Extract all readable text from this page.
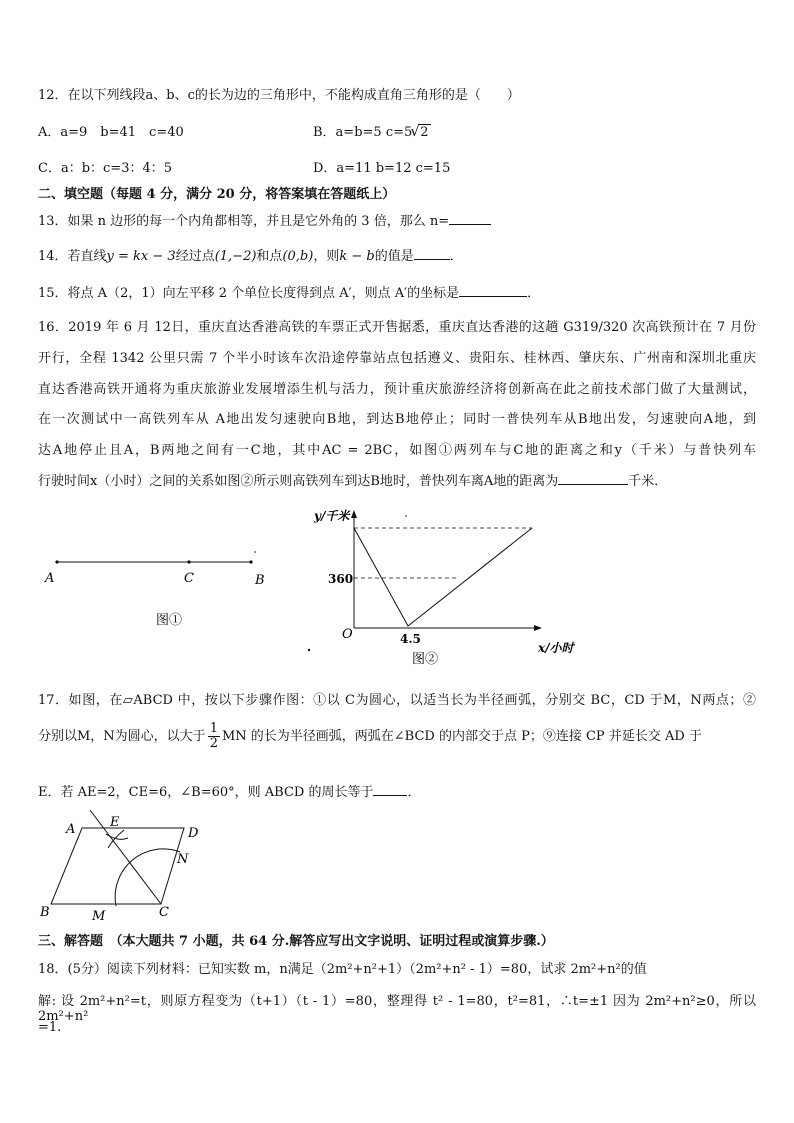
12．在以下列线段a、b、c的长为边的三角形中，不能构成直角三角形的是（　　）
A．a=9　b=41　c=40	B．a=b=5 c=5
√ 2
C．a：b：c=3：4：5	D．a=11 b=12 c=15
二、填空题（每题 4 分，满分 20 分，将答案填在答题纸上）
13．如果 n 边形的每一个内角都相等，并且是它外角的 3 倍，那么 n=
14．若直线y = kx − 3经过点(1,−2)和点(0,b)，则k − b的值是	．
15．将点 A（2，1）向左平移 2 个单位长度得到点 A′，则点 A′的坐标是	．
16．2019 年 6 月 12日，重庆直达香港高铁的车票正式开售据悉，重庆直达香港的这趟 G319/320 次高铁预计在 7 月份
开行，全程 1342 公里只需 7 个半小时该车次沿途停靠站点包括遵义、贵阳东、桂林西、肇庆东、广州南和深圳北重庆
直达香港高铁开通将为重庆旅游业发展增添生机与活力，预计重庆旅游经济将创新高在此之前技术部门做了大量测试，
在一次测试中一高铁列车从 A地出发匀速驶向B地，到达B地停止；同时一普快列车从B地出发，匀速驶向A地，到
达A地停止且A，B两地之间有一C地，其中AC = 2BC，如图①两列车与C地的距离之和y（千米）与普快列车
行驶时间x（小时）之间的关系如图②所示则高铁列车到达B地时，普快列车离A地的距离为	千米．
A	C	B
图①
y/千米
x/小时
O
360
4.5
图②
17．如图，在▱ABCD 中，按以下步骤作图：①以 C为圆心，以适当长为半径画弧，分别交 BC，CD 于M，N两点；②
分别以M，N为圆心，以大于 $\frac{1}{2}$ MN 的长为半径画弧，两弧在∠BCD 的内部交于点 P；⑨连接 CP 并延长交 AD 于
E．若 AE=2，CE=6，∠B=60°，则 ABCD 的周长等于	．
A	E
D
N
B	M	C
三、解答题　（本大题共 7 小题，共 64 分.解答应写出文字说明、证明过程或演算步骤.）
18．(5分）阅读下列材料：已知实数 m，n满足（2m²+n²+1）（2m²+n² - 1）=80，试求 2m²+n²的值
解: 设 2m²+n²=t，则原方程变为（t+1）（t - 1）=80，整理得 t² - 1=80，t²=81，∴t=±1 因为 2m²+n²≥0，所以 2m²+n²
=1.
